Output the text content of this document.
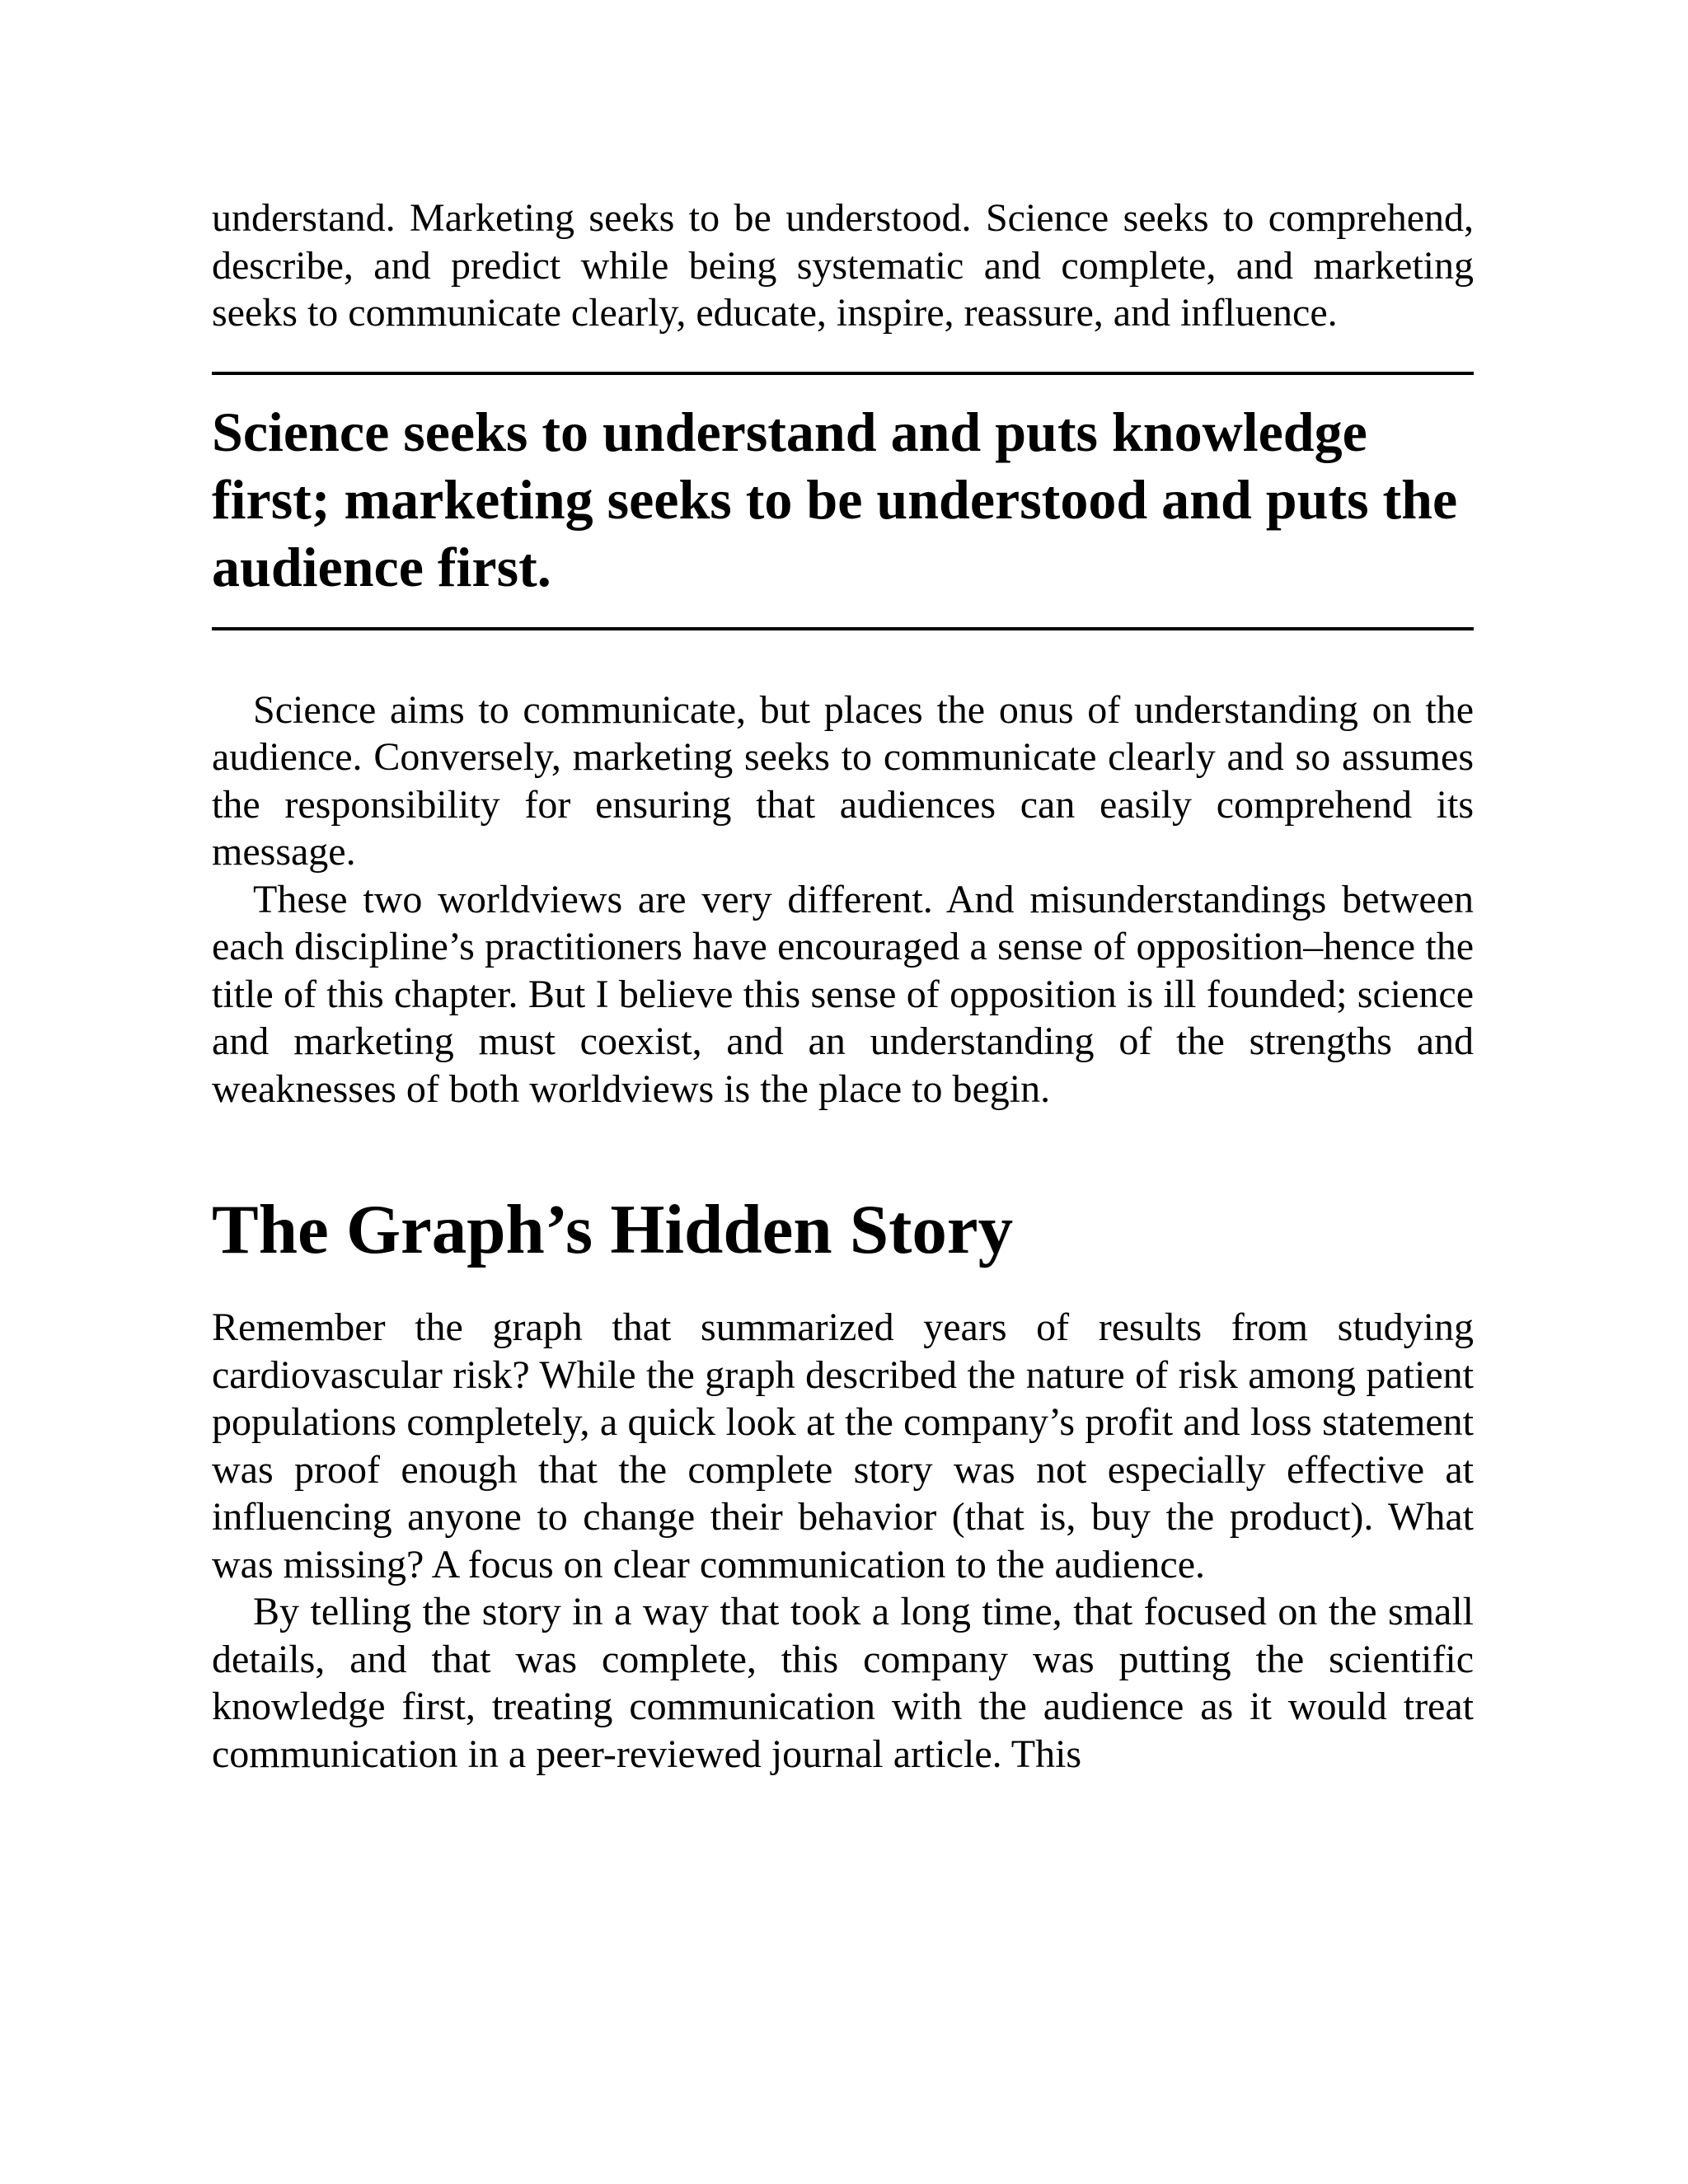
understand. Marketing seeks to be understood. Science seeks to comprehend, describe, and predict while being systematic and complete, and marketing seeks to communicate clearly, educate, inspire, reassure, and influence.

Science seeks to understand and puts knowledge first; marketing seeks to be understood and puts the audience first.

Science aims to communicate, but places the onus of understanding on the audience. Conversely, marketing seeks to communicate clearly and so assumes the responsibility for ensuring that audiences can easily comprehend its message.

These two worldviews are very different. And misunderstandings between each discipline’s practitioners have encouraged a sense of opposition–hence the title of this chapter. But I believe this sense of opposition is ill founded; science and marketing must coexist, and an understanding of the strengths and weaknesses of both worldviews is the place to begin.

The Graph’s Hidden Story

Remember the graph that summarized years of results from studying cardiovascular risk? While the graph described the nature of risk among patient populations completely, a quick look at the company’s profit and loss statement was proof enough that the complete story was not especially effective at influencing anyone to change their behavior (that is, buy the product). What was missing? A focus on clear communication to the audience.

By telling the story in a way that took a long time, that focused on the small details, and that was complete, this company was putting the scientific knowledge first, treating communication with the audience as it would treat communication in a peer-reviewed journal article. This
